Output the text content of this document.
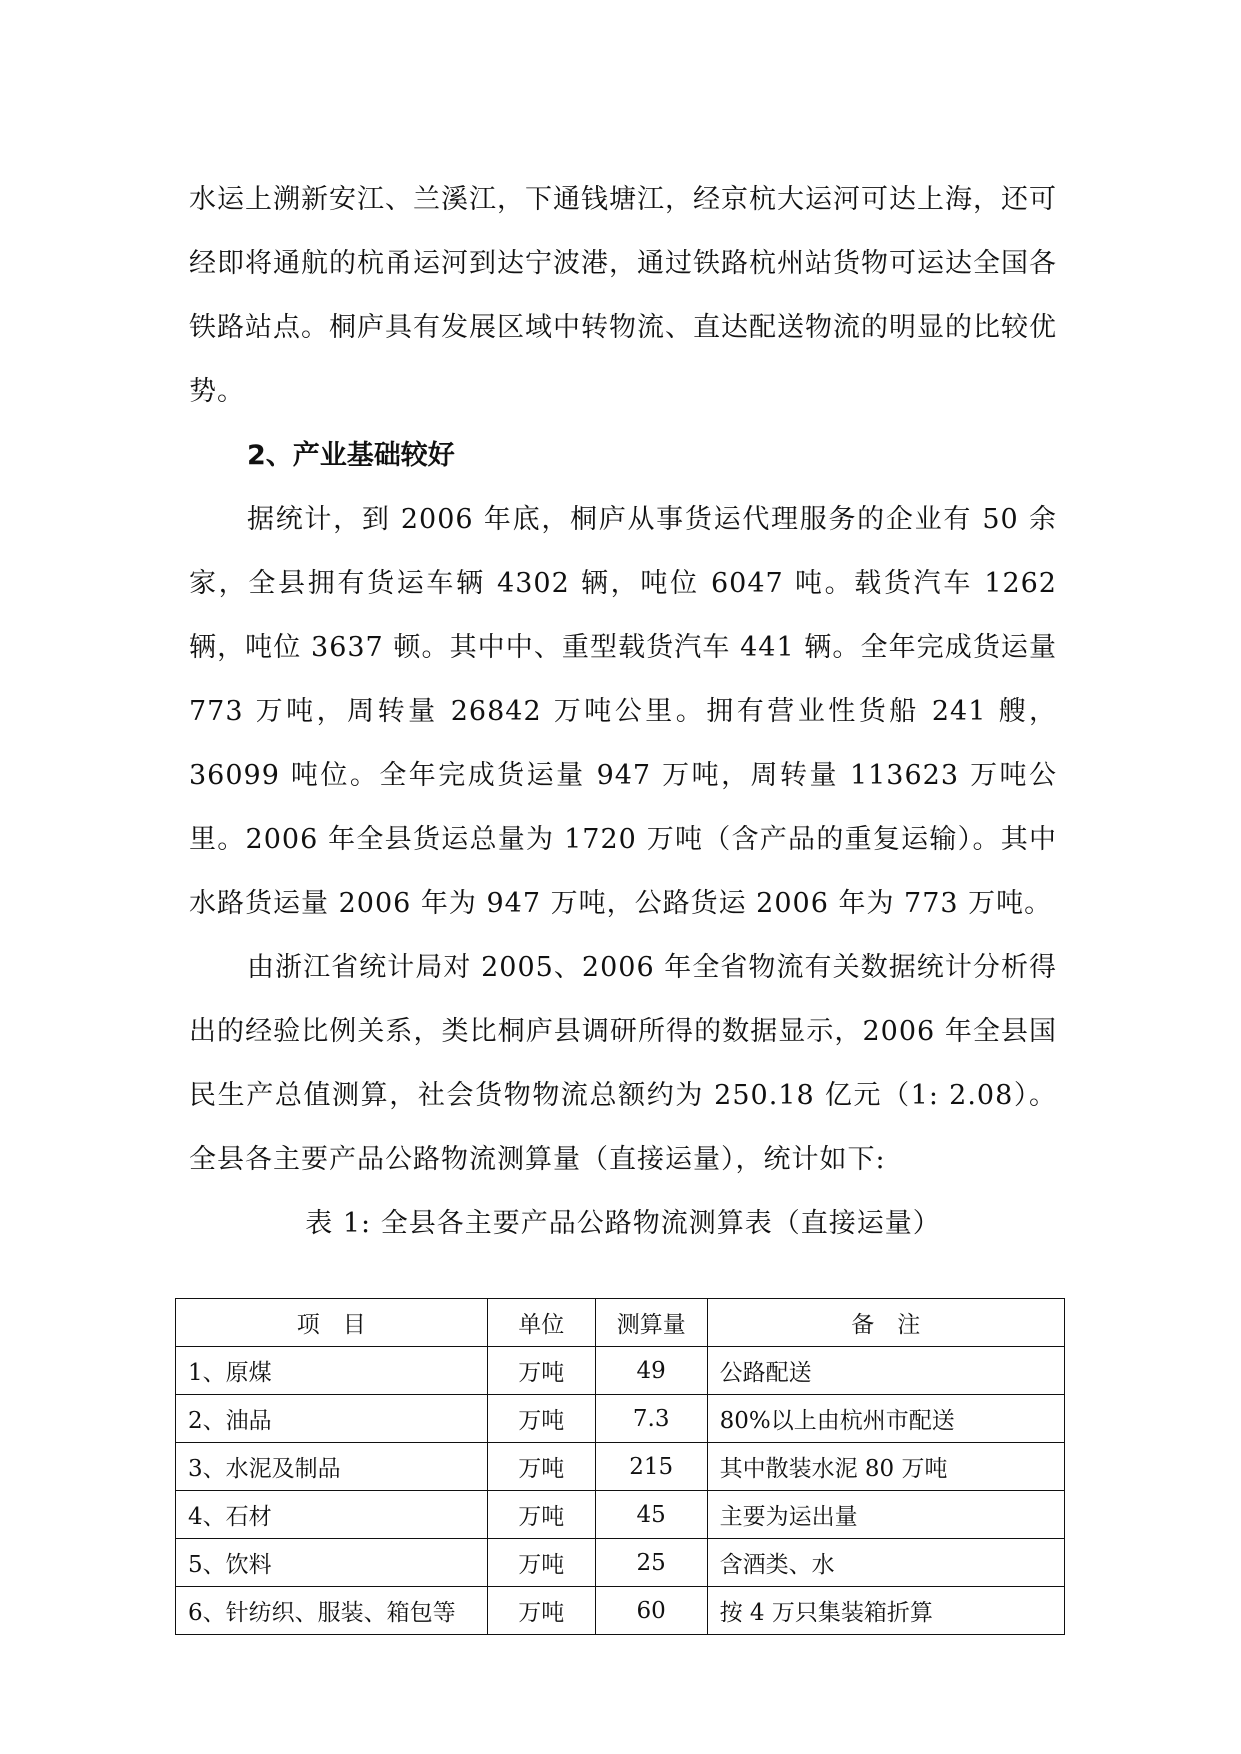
水运上溯新安江、兰溪江，下通钱塘江，经京杭大运河可达上海，还可经即将通航的杭甬运河到达宁波港，通过铁路杭州站货物可运达全国各铁路站点。桐庐具有发展区域中转物流、直达配送物流的明显的比较优势。

2、产业基础较好

据统计，到 2006 年底，桐庐从事货运代理服务的企业有 50 余家，全县拥有货运车辆 4302 辆，吨位 6047 吨。载货汽车 1262 辆，吨位 3637 顿。其中中、重型载货汽车 441 辆。全年完成货运量 773 万吨，周转量 26842 万吨公里。拥有营业性货船 241 艘，36099 吨位。全年完成货运量 947 万吨，周转量 113623 万吨公里。2006 年全县货运总量为 1720 万吨（含产品的重复运输）。其中水路货运量 2006 年为 947 万吨，公路货运 2006 年为 773 万吨。

由浙江省统计局对 2005、2006 年全省物流有关数据统计分析得出的经验比例关系，类比桐庐县调研所得的数据显示，2006 年全县国民生产总值测算，社会货物物流总额约为 250.18 亿元（1: 2.08）。全县各主要产品公路物流测算量（直接运量），统计如下:

表 1: 全县各主要产品公路物流测算表（直接运量）

项　目	单位	测算量	备　注
1、原煤	万吨	49	公路配送
2、油品	万吨	7.3	80%以上由杭州市配送
3、水泥及制品	万吨	215	其中散装水泥 80 万吨
4、石材	万吨	45	主要为运出量
5、饮料	万吨	25	含酒类、水
6、针纺织、服装、箱包等	万吨	60	按 4 万只集装箱折算
